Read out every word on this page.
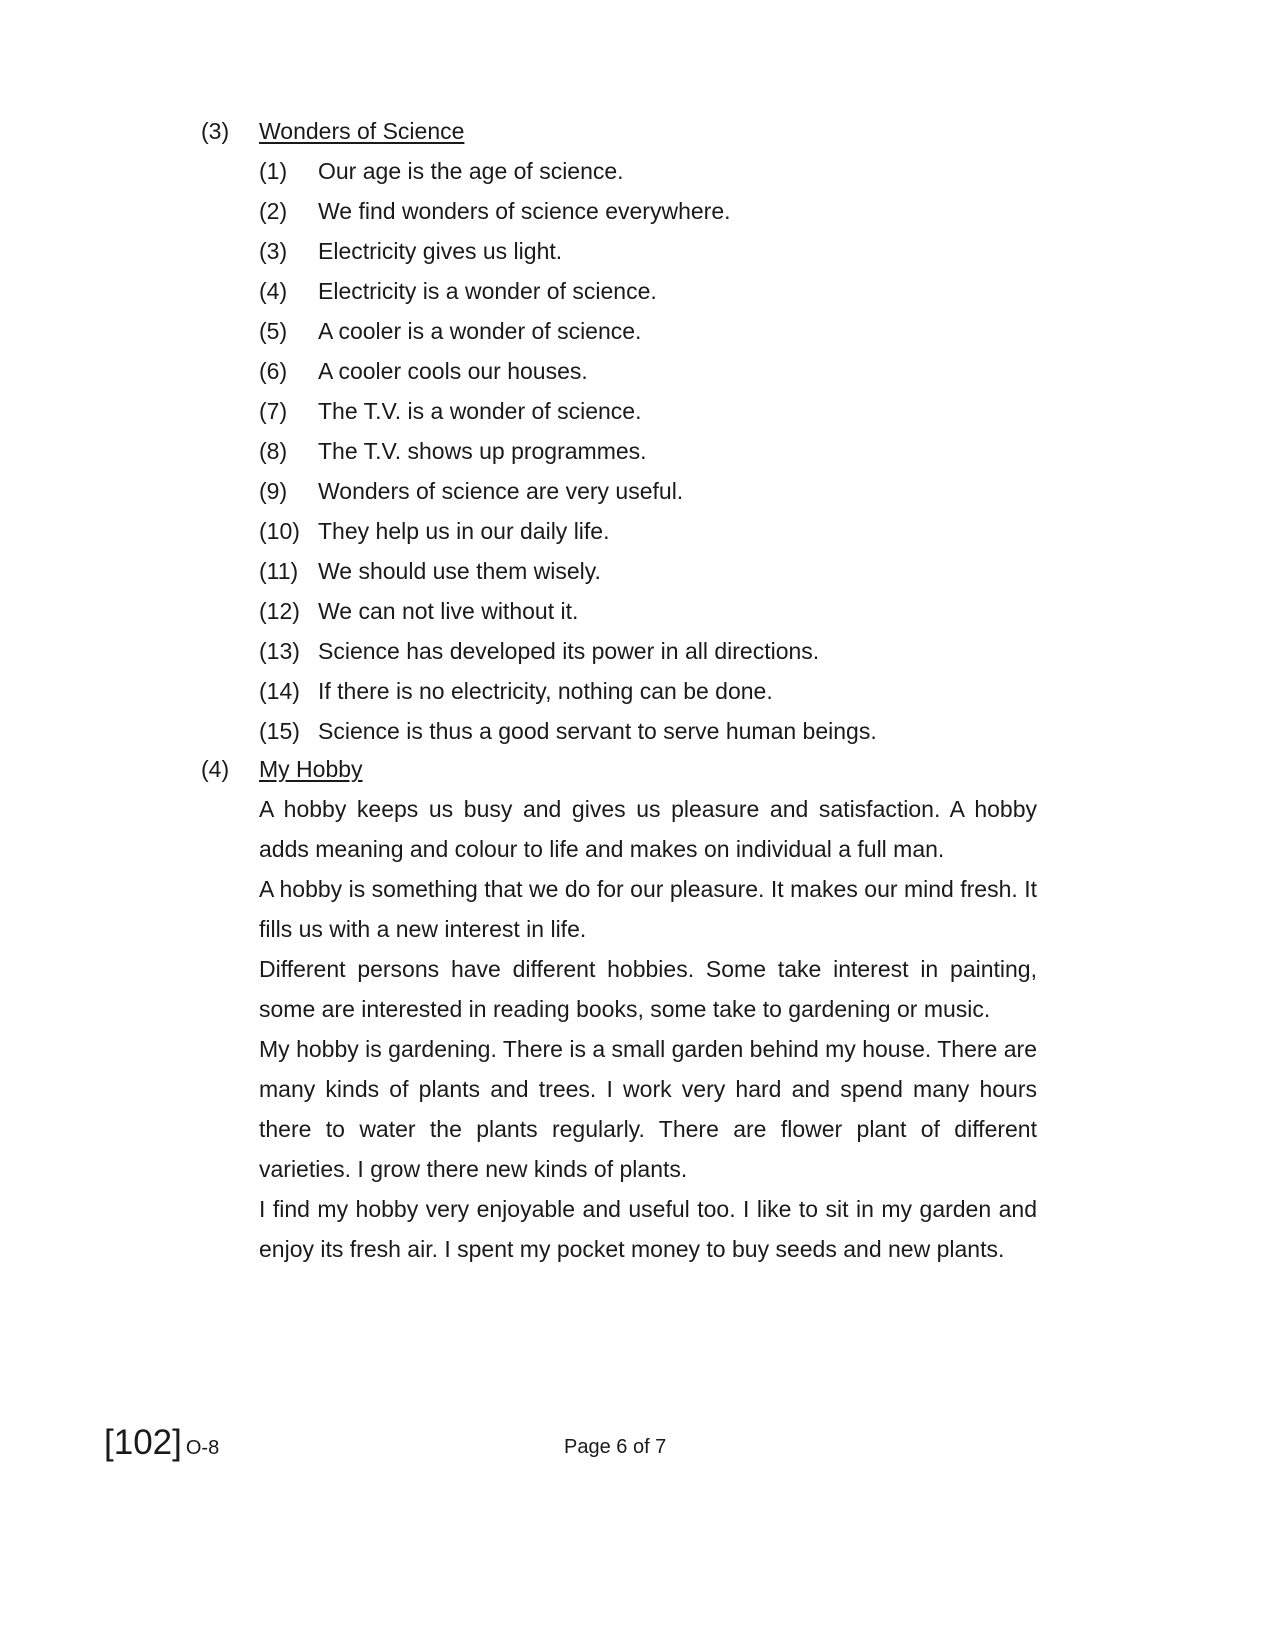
(3) Wonders of Science
(1) Our age is the age of science.
(2) We find wonders of science everywhere.
(3) Electricity gives us light.
(4) Electricity is a wonder of science.
(5) A cooler is a wonder of science.
(6) A cooler cools our houses.
(7) The T.V. is a wonder of science.
(8) The T.V. shows up programmes.
(9) Wonders of science are very useful.
(10) They help us in our daily life.
(11) We should use them wisely.
(12) We can not live without it.
(13) Science has developed its power in all directions.
(14) If there is no electricity, nothing can be done.
(15) Science is thus a good servant to serve human beings.
(4) My Hobby

A hobby keeps us busy and gives us pleasure and satisfaction. A hobby adds meaning and colour to life and makes on individual a full man.

A hobby is something that we do for our pleasure. It makes our mind fresh. It fills us with a new interest in life.

Different persons have different hobbies. Some take interest in painting, some are interested in reading books, some take to gardening or music.

My hobby is gardening. There is a small garden behind my house. There are many kinds of plants and trees. I work very hard and spend many hours there to water the plants regularly. There are flower plant of different varieties. I grow there new kinds of plants.

I find my hobby very enjoyable and useful too. I like to sit in my garden and enjoy its fresh air. I spent my pocket money to buy seeds and new plants.

[102] O-8	Page 6 of 7
